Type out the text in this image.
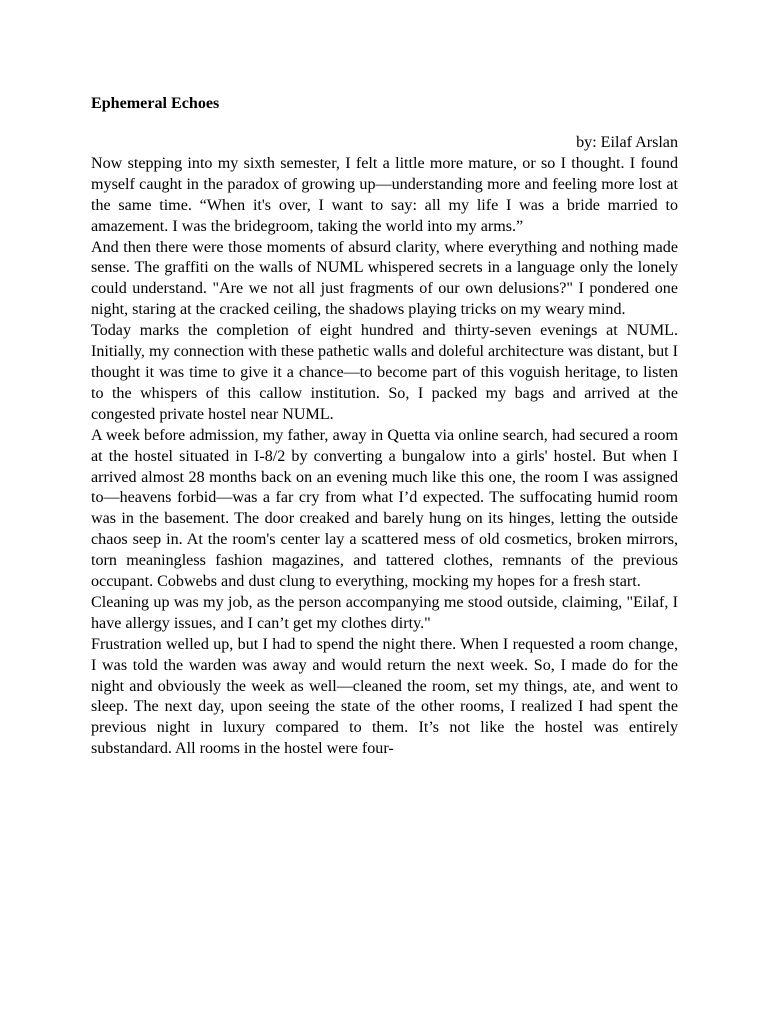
Ephemeral Echoes
by: Eilaf Arslan

Now stepping into my sixth semester, I felt a little more mature, or so I thought. I found myself caught in the paradox of growing up—understanding more and feeling more lost at the same time. “When it's over, I want to say: all my life I was a bride married to amazement. I was the bridegroom, taking the world into my arms.”

And then there were those moments of absurd clarity, where everything and nothing made sense. The graffiti on the walls of NUML whispered secrets in a language only the lonely could understand. "Are we not all just fragments of our own delusions?" I pondered one night, staring at the cracked ceiling, the shadows playing tricks on my weary mind.

Today marks the completion of eight hundred and thirty-seven evenings at NUML. Initially, my connection with these pathetic walls and doleful architecture was distant, but I thought it was time to give it a chance—to become part of this voguish heritage, to listen to the whispers of this callow institution. So, I packed my bags and arrived at the congested private hostel near NUML.

A week before admission, my father, away in Quetta via online search, had secured a room at the hostel situated in I-8/2 by converting a bungalow into a girls' hostel. But when I arrived almost 28 months back on an evening much like this one, the room I was assigned to—heavens forbid—was a far cry from what I’d expected. The suffocating humid room was in the basement. The door creaked and barely hung on its hinges, letting the outside chaos seep in. At the room's center lay a scattered mess of old cosmetics, broken mirrors, torn meaningless fashion magazines, and tattered clothes, remnants of the previous occupant. Cobwebs and dust clung to everything, mocking my hopes for a fresh start.

Cleaning up was my job, as the person accompanying me stood outside, claiming, "Eilaf, I have allergy issues, and I can’t get my clothes dirty."

Frustration welled up, but I had to spend the night there. When I requested a room change, I was told the warden was away and would return the next week. So, I made do for the night and obviously the week as well—cleaned the room, set my things, ate, and went to sleep. The next day, upon seeing the state of the other rooms, I realized I had spent the previous night in luxury compared to them. It’s not like the hostel was entirely substandard. All rooms in the hostel were four-
